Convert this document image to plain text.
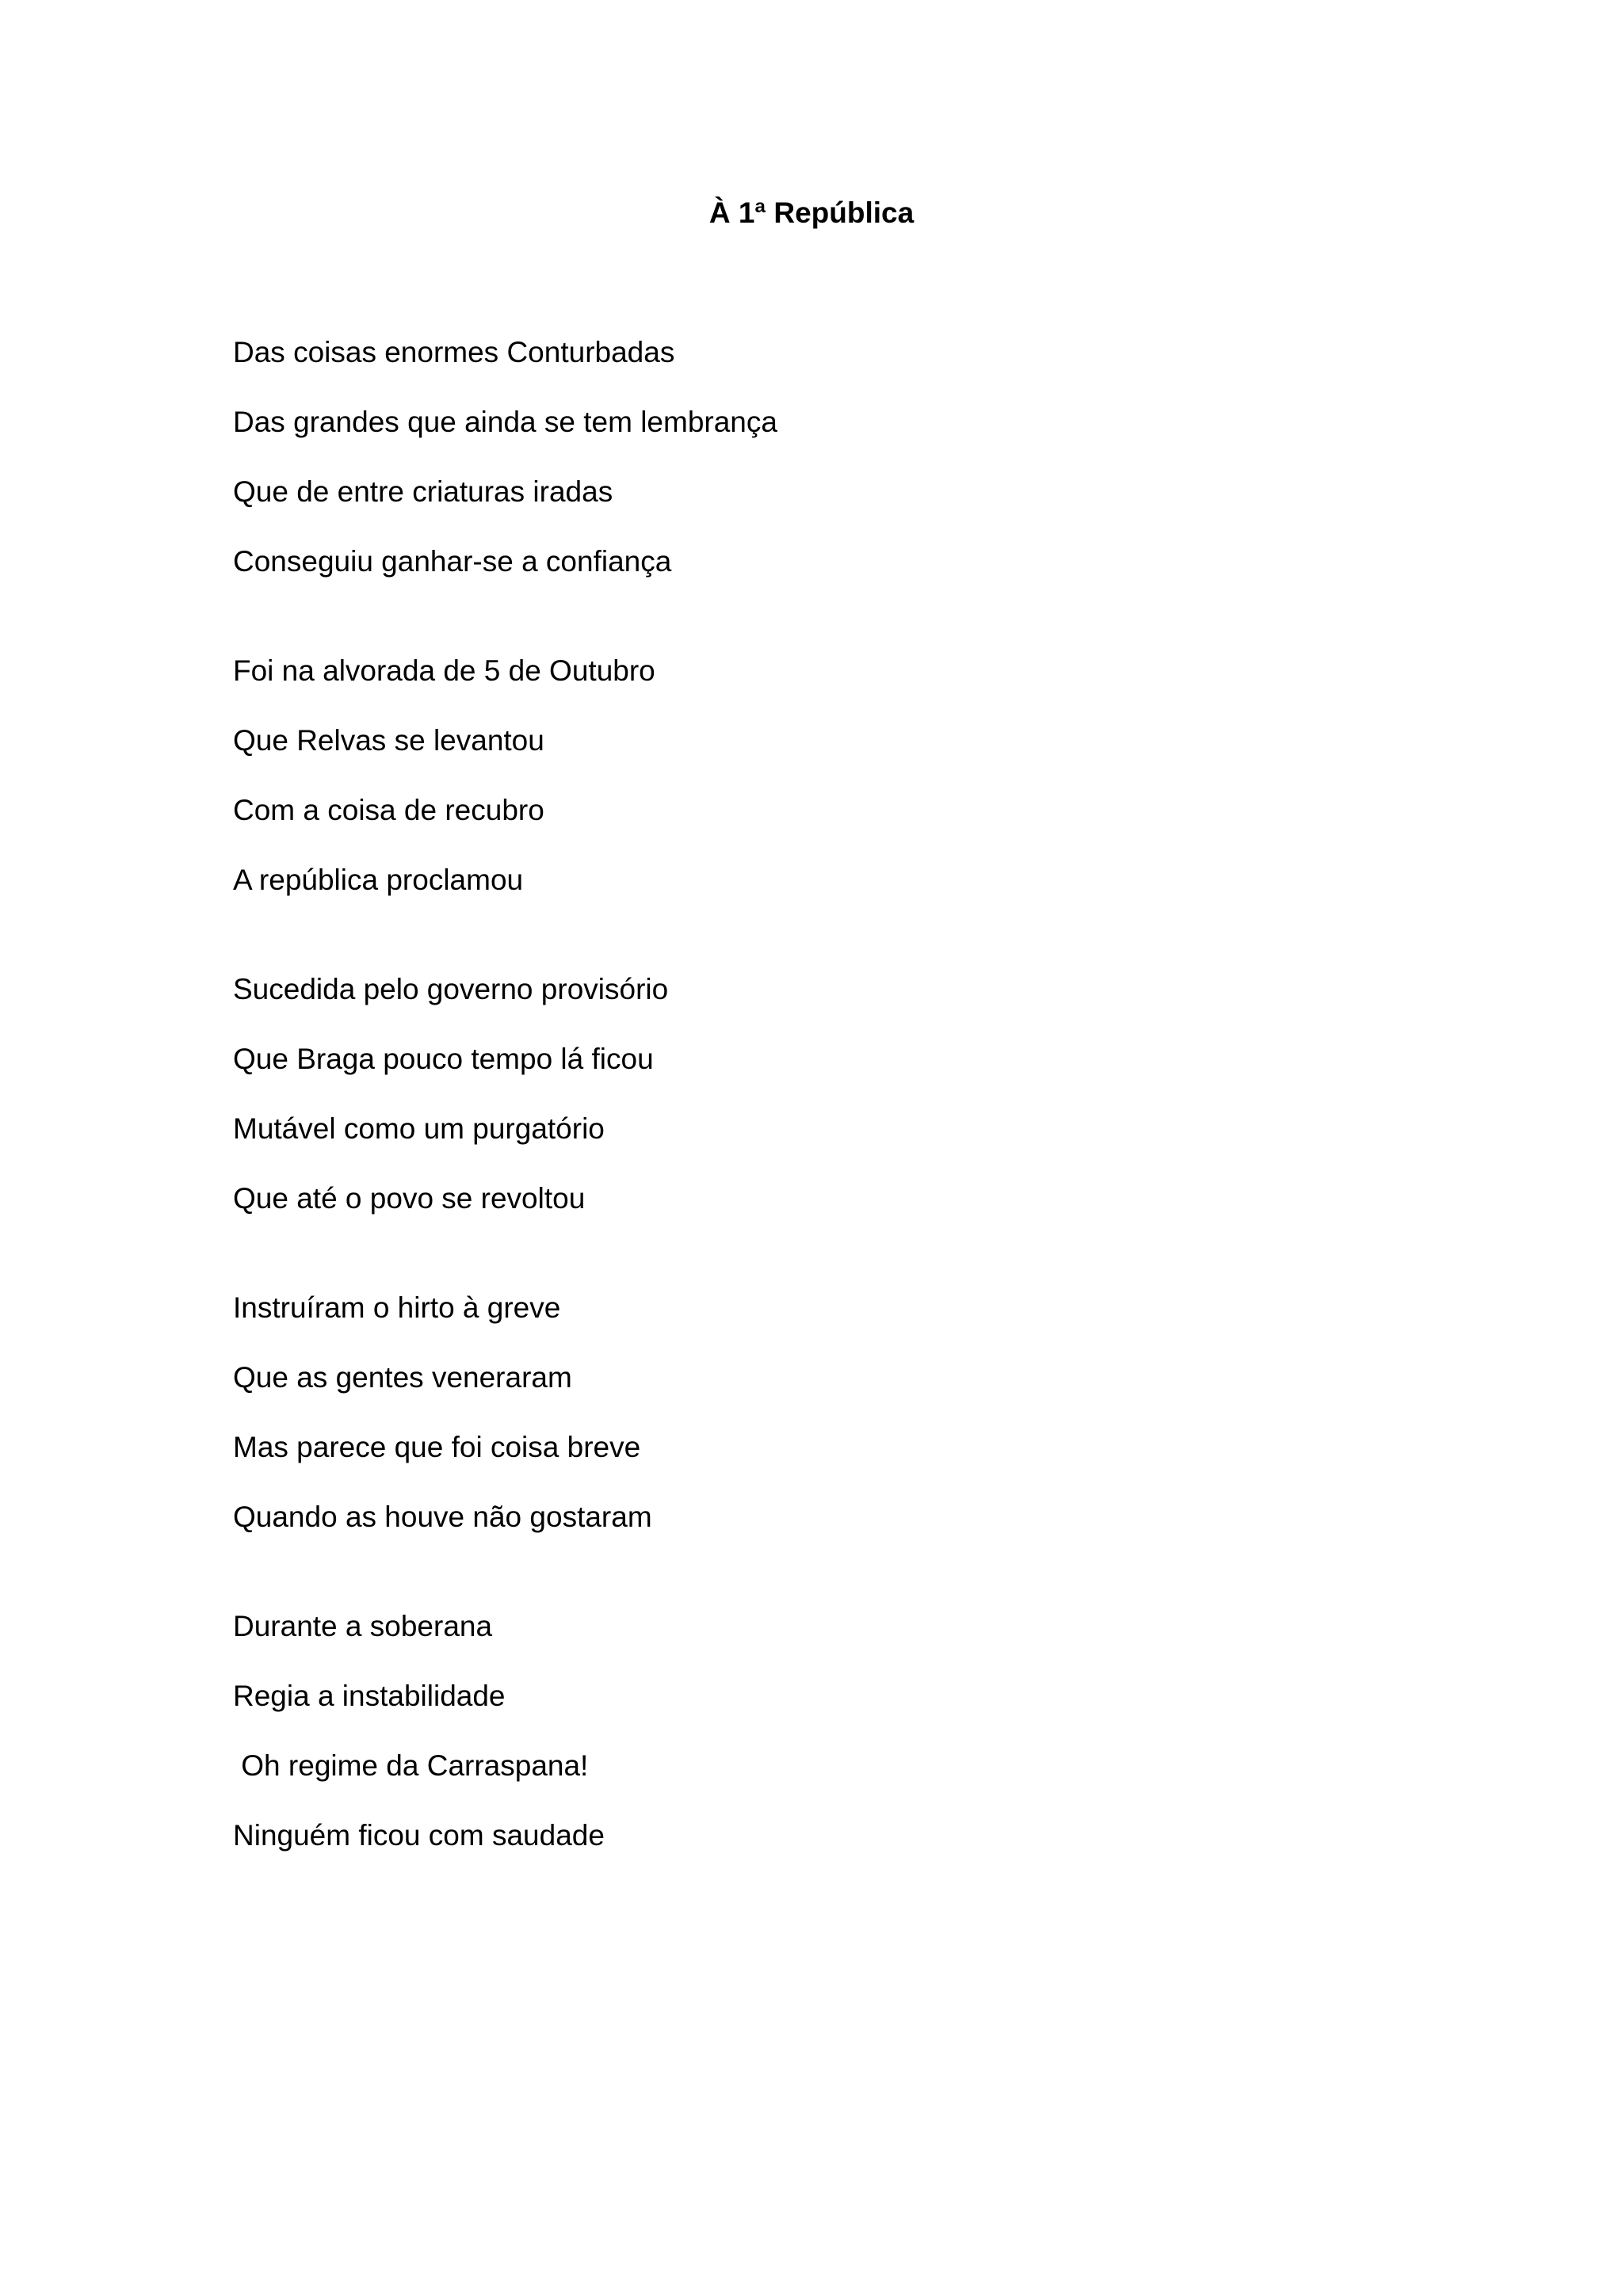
À 1ª República
Das coisas enormes Conturbadas
Das grandes que ainda se tem lembrança
Que de entre criaturas iradas
Conseguiu ganhar-se a confiança
Foi na alvorada de 5 de Outubro
Que Relvas se levantou
Com a coisa de recubro
A república proclamou
Sucedida pelo governo provisório
Que Braga pouco tempo lá ficou
Mutável como um purgatório
Que até o povo se revoltou
Instruíram o hirto à greve
Que as gentes veneraram
Mas parece que foi coisa breve
Quando as houve não gostaram
Durante a soberana
Regia a instabilidade
Oh regime da Carraspana!
Ninguém ficou com saudade
